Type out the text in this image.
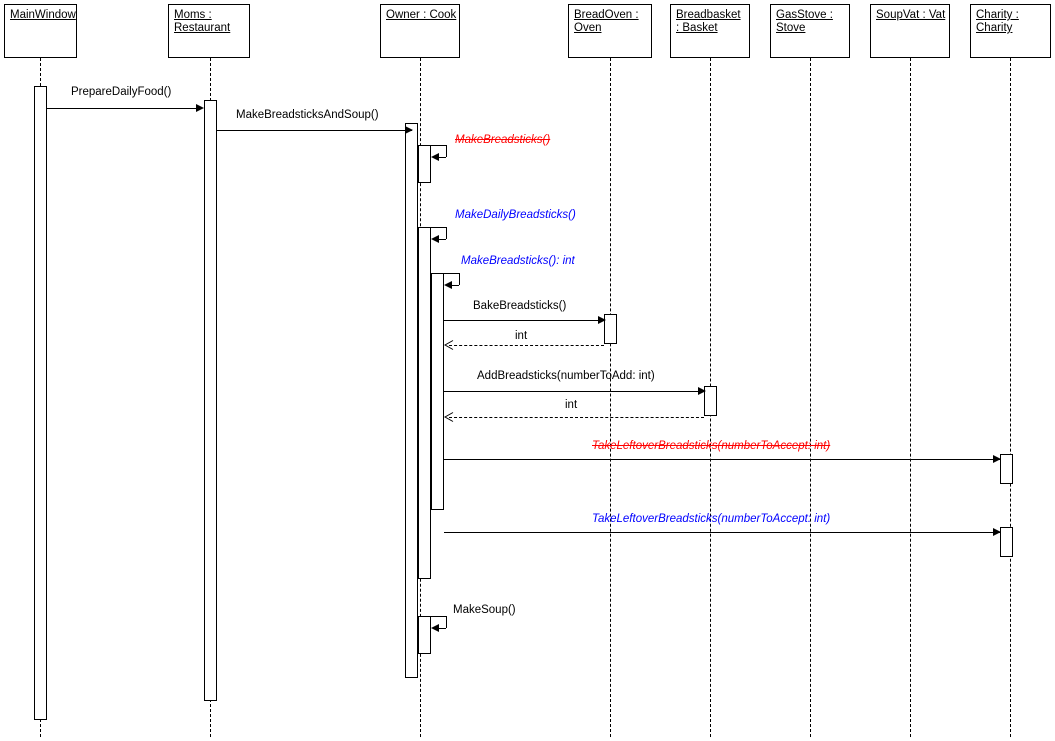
MainWindow	Moms :
Restaurant
Owner : Cook	BreadOven :
Oven
Breadbasket
: Basket
GasStove :
Stove
SoupVat : Vat	Charity :
Charity
PrepareDailyFood()
MakeBreadsticksAndSoup()
MakeBreadsticks()
MakeDailyBreadsticks()
MakeBreadsticks(): int
BakeBreadsticks()
int
AddBreadsticks(numberToAdd: int)
int
TakeLeftoverBreadsticks(numberToAccept: int)
TakeLeftoverBreadsticks(numberToAccept: int)
MakeSoup()
